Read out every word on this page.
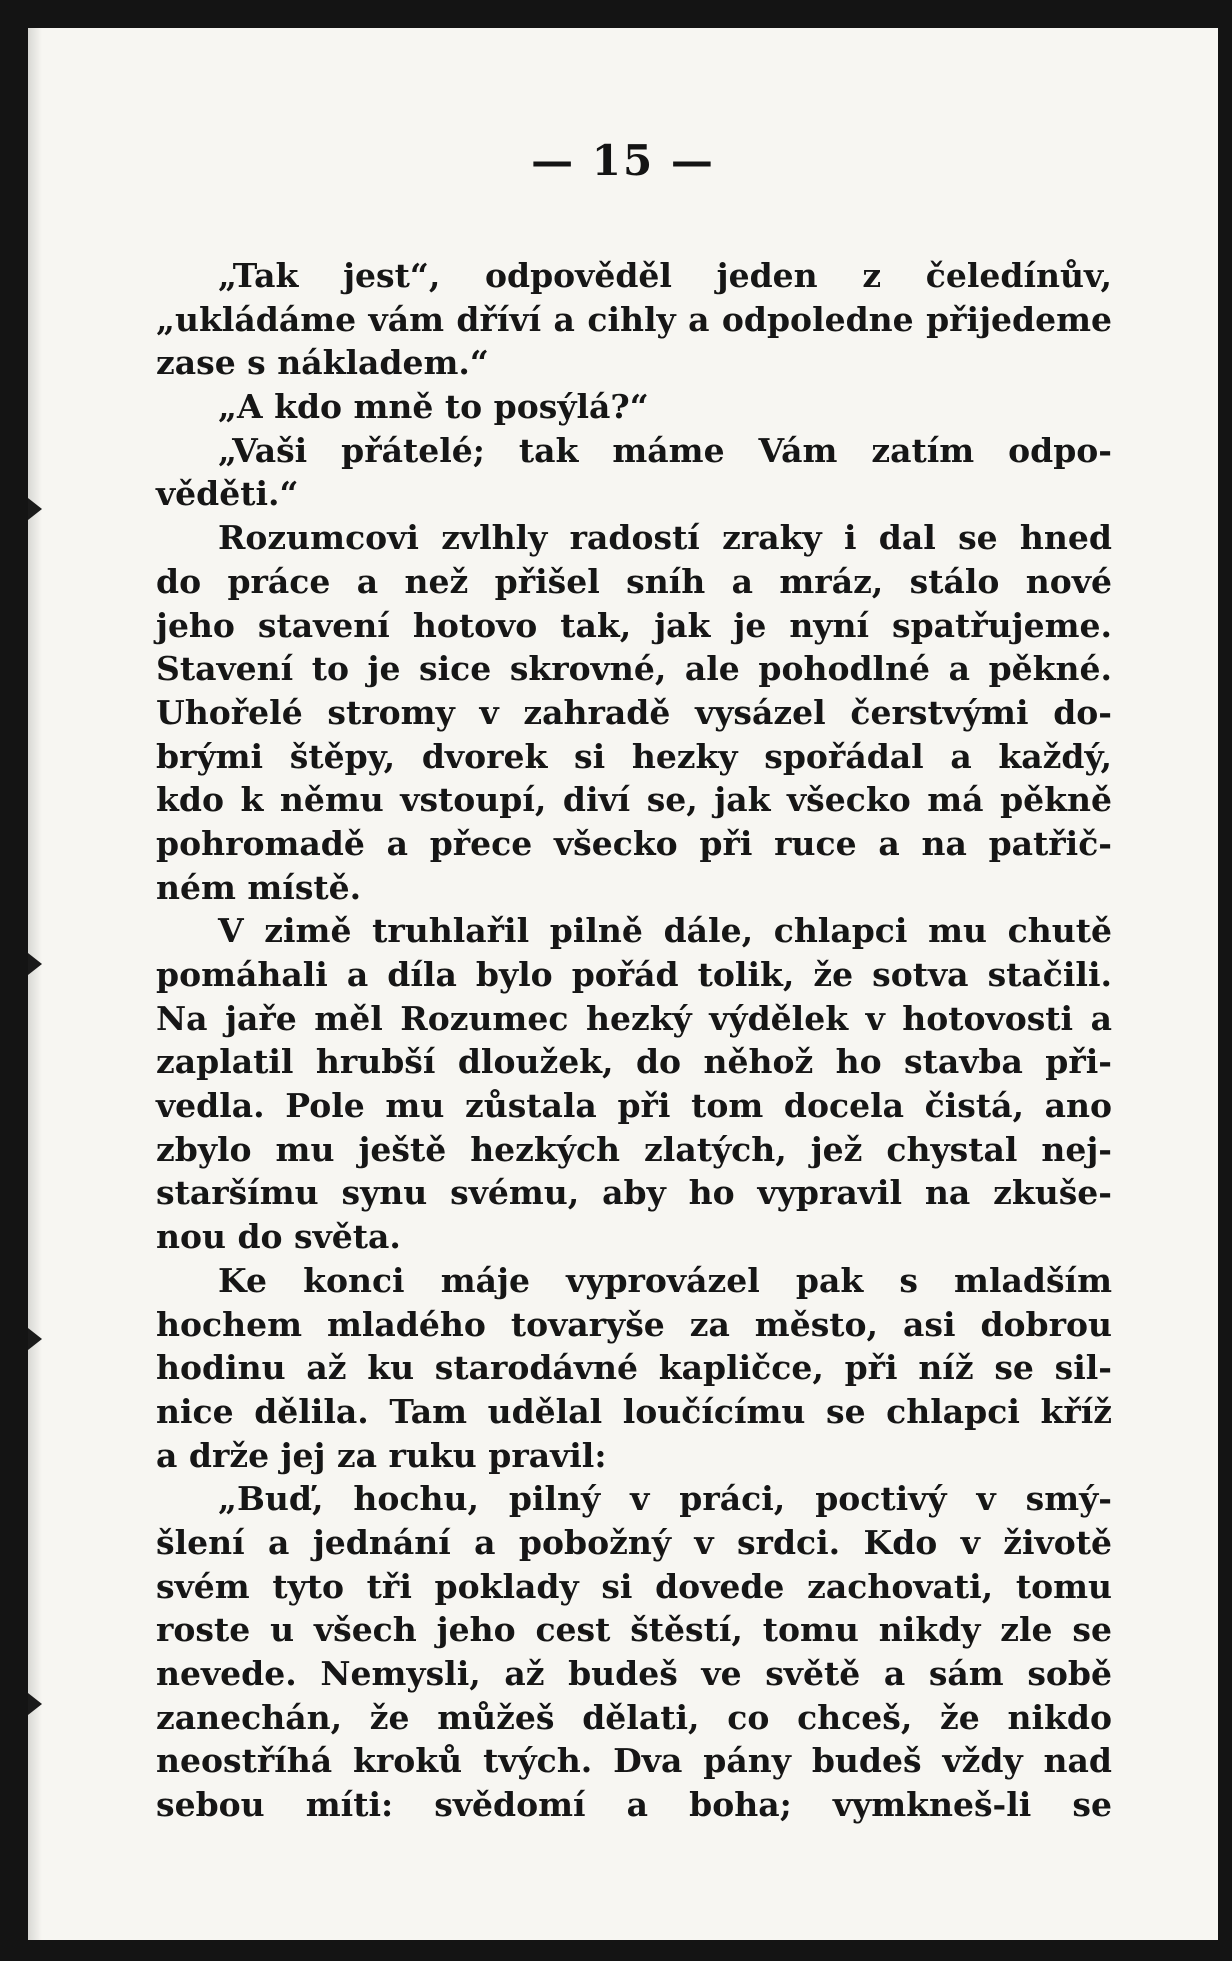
— 15 —
„Tak jest“, odpověděl jeden z čeledínův,
„ukládáme vám dříví a cihly a odpoledne přijedeme
zase s nákladem.“
„A kdo mně to posýlá?“
„Vaši přátelé; tak máme Vám zatím odpo-
věděti.“
Rozumcovi zvlhly radostí zraky i dal se hned
do práce a než přišel sníh a mráz, stálo nové
jeho stavení hotovo tak, jak je nyní spatřujeme.
Stavení to je sice skrovné, ale pohodlné a pěkné.
Uhořelé stromy v zahradě vysázel čerstvými do-
brými štěpy, dvorek si hezky spořádal a každý,
kdo k němu vstoupí, diví se, jak všecko má pěkně
pohromadě a přece všecko při ruce a na patřič-
ném místě.
V zimě truhlařil pilně dále, chlapci mu chutě
pomáhali a díla bylo pořád tolik, že sotva stačili.
Na jaře měl Rozumec hezký výdělek v hotovosti a
zaplatil hrubší dloužek, do něhož ho stavba při-
vedla. Pole mu zůstala při tom docela čistá, ano
zbylo mu ještě hezkých zlatých, jež chystal nej-
staršímu synu svému, aby ho vypravil na zkuše-
nou do světa.
Ke konci máje vyprovázel pak s mladším
hochem mladého tovaryše za město, asi dobrou
hodinu až ku starodávné kapličce, při níž se sil-
nice dělila. Tam udělal loučícímu se chlapci kříž
a drže jej za ruku pravil:
„Buď, hochu, pilný v práci, poctivý v smý-
šlení a jednání a pobožný v srdci. Kdo v životě
svém tyto tři poklady si dovede zachovati, tomu
roste u všech jeho cest štěstí, tomu nikdy zle se
nevede. Nemysli, až budeš ve světě a sám sobě
zanechán, že můžeš dělati, co chceš, že nikdo
neostříhá kroků tvých. Dva pány budeš vždy nad
sebou míti: svědomí a boha; vymkneš-li se
